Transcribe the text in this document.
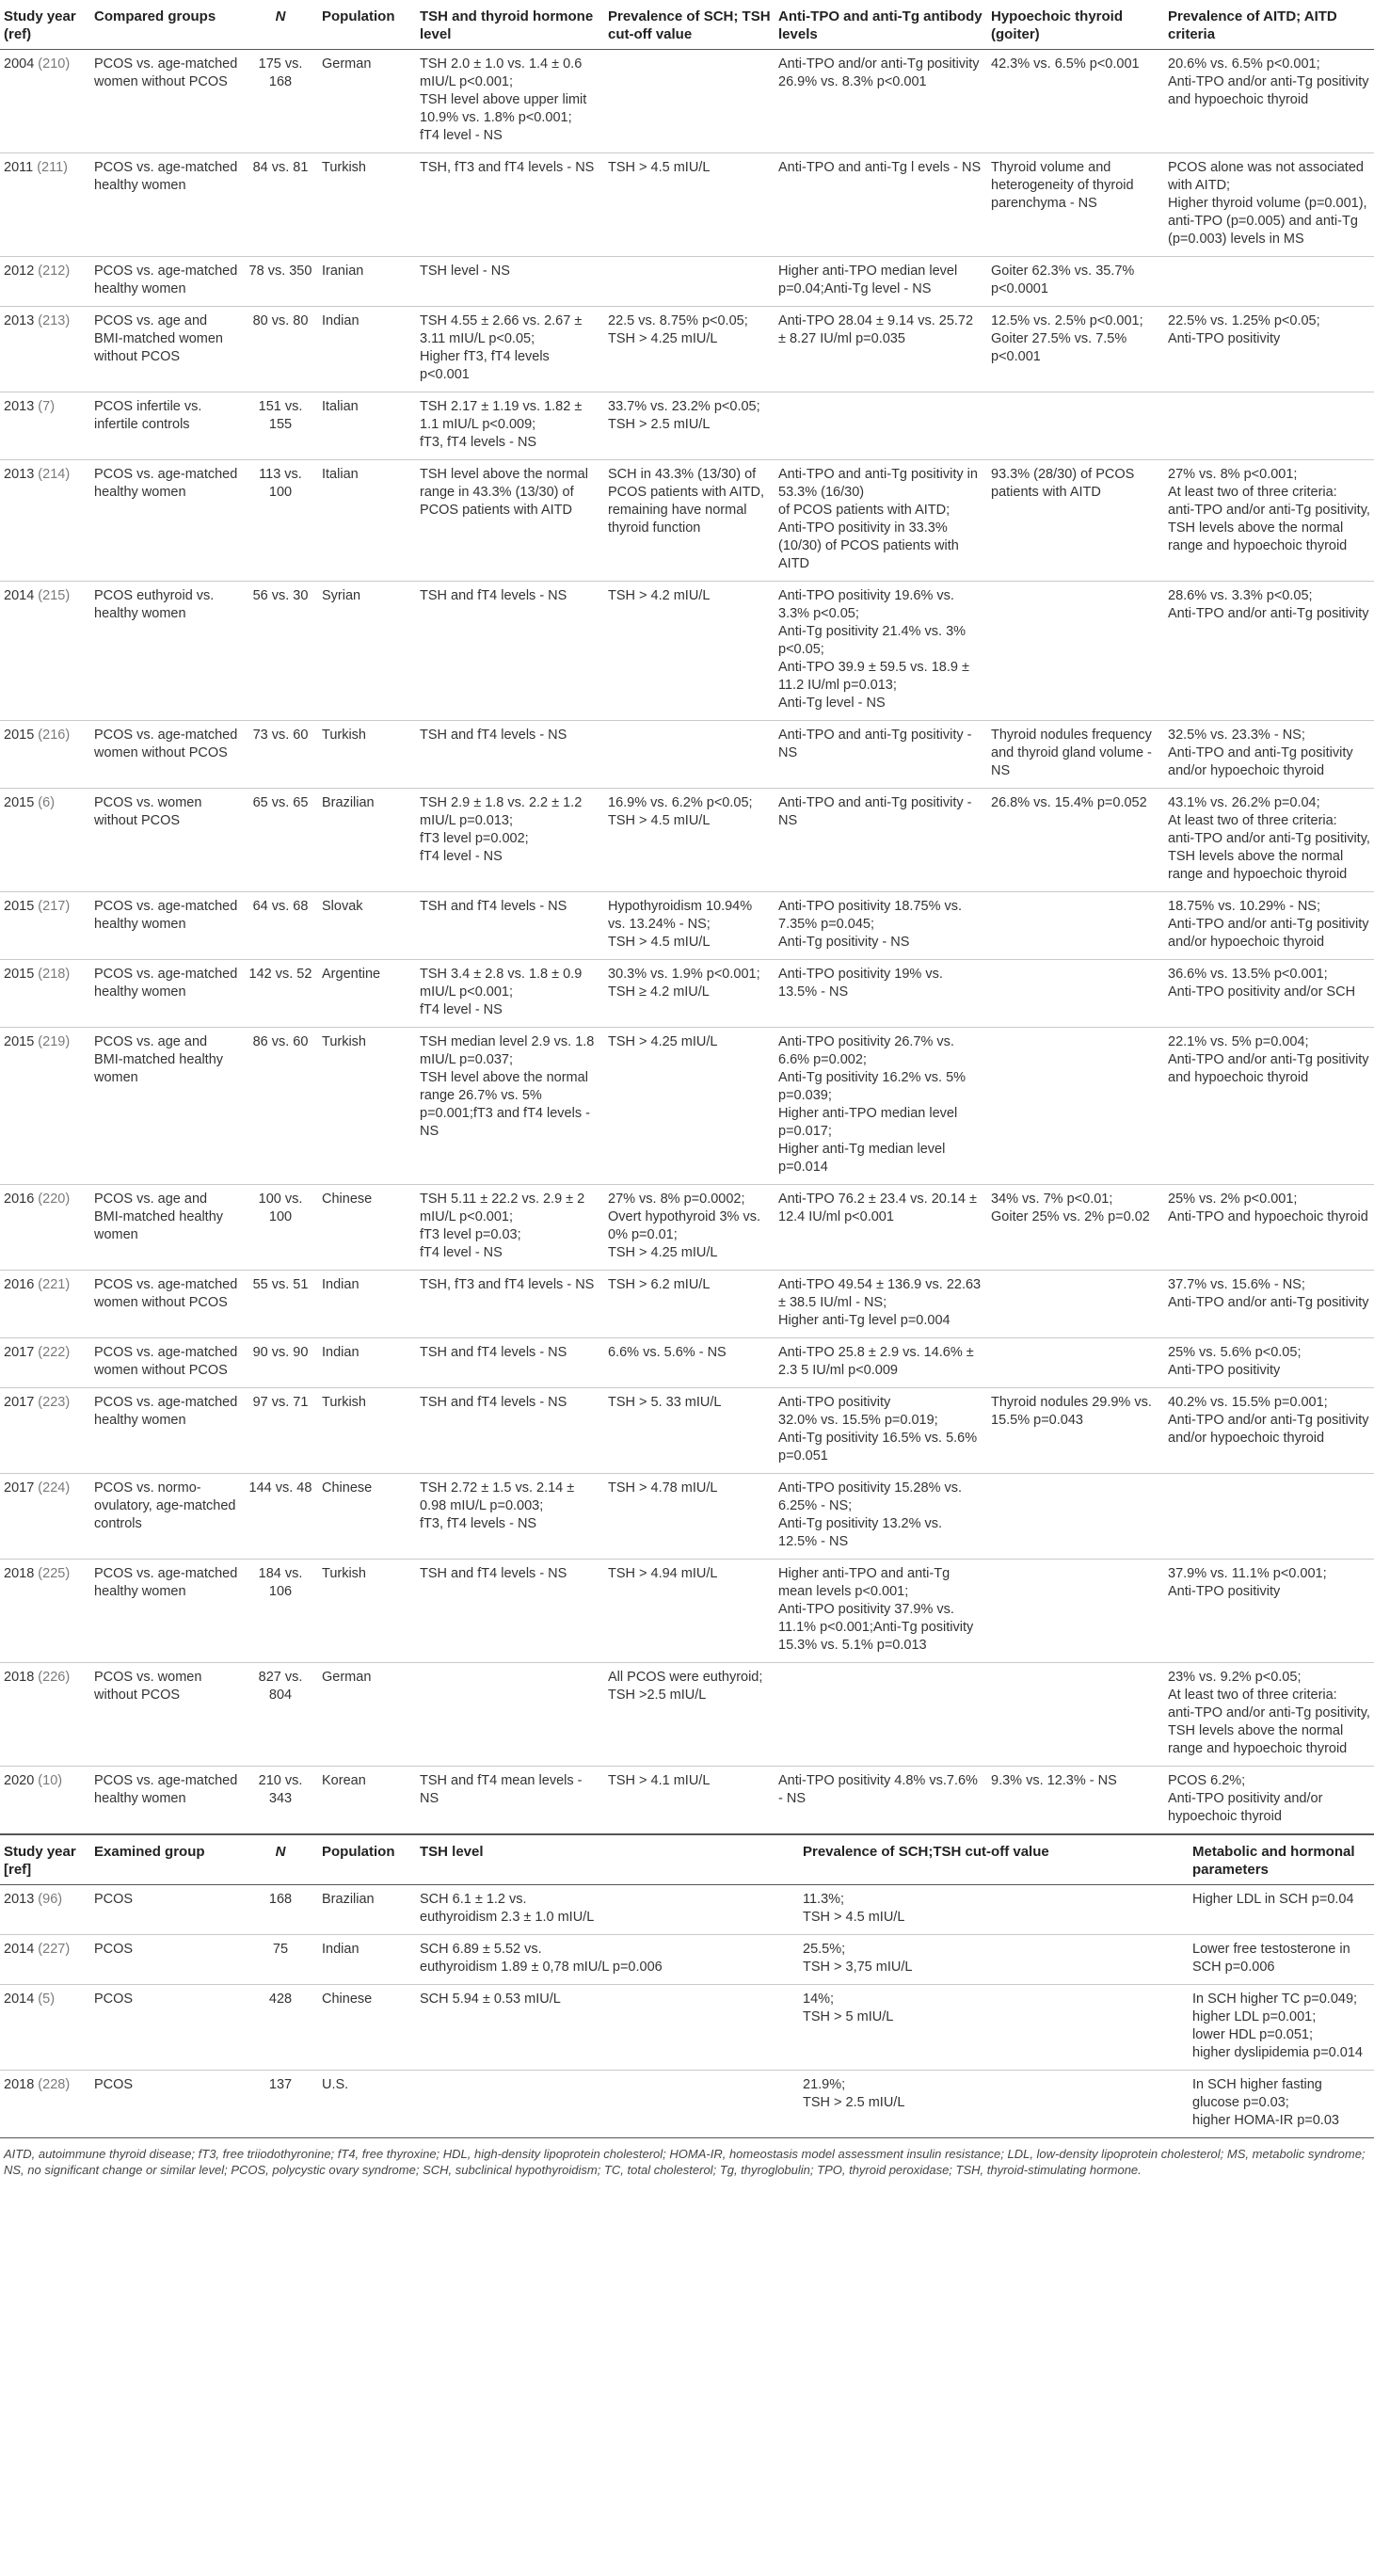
Study year (ref)	Compared groups	N	Population	TSH and thyroid hormone level	Prevalence of SCH; TSH cut-off value	Anti-TPO and anti-Tg antibody levels	Hypoechoic thyroid (goiter)	Prevalence of AITD; AITD criteria
2004 (210)	PCOS vs. age-matched women without PCOS	175 vs. 168	German	TSH 2.0 ± 1.0 vs. 1.4 ± 0.6 mIU/L p<0.001;
TSH level above upper limit 10.9% vs. 1.8% p<0.001;
fT4 level - NS		Anti-TPO and/or anti-Tg positivity 26.9% vs. 8.3% p<0.001	42.3% vs. 6.5% p<0.001	20.6% vs. 6.5% p<0.001;
Anti-TPO and/or anti-Tg positivity and hypoechoic thyroid
2011 (211)	PCOS vs. age-matched healthy women	84 vs. 81	Turkish	TSH, fT3 and fT4 levels - NS	TSH > 4.5 mIU/L	Anti-TPO and anti-Tg l evels - NS	Thyroid volume and heterogeneity of thyroid parenchyma - NS	PCOS alone was not associated with AITD;
Higher thyroid volume (p=0.001), anti-TPO (p=0.005) and anti-Tg (p=0.003) levels in MS
2012 (212)	PCOS vs. age-matched healthy women	78 vs. 350	Iranian	TSH level - NS		Higher anti-TPO median level p=0.04;Anti-Tg level - NS	Goiter 62.3% vs. 35.7% p<0.0001	
2013 (213)	PCOS vs. age and BMI-matched women without PCOS	80 vs. 80	Indian	TSH 4.55 ± 2.66 vs. 2.67 ± 3.11 mIU/L p<0.05;
Higher fT3, fT4 levels p<0.001	22.5 vs. 8.75% p<0.05;
TSH > 4.25 mIU/L	Anti-TPO 28.04 ± 9.14 vs. 25.72 ± 8.27 IU/ml p=0.035	12.5% vs. 2.5% p<0.001;
Goiter 27.5% vs. 7.5% p<0.001	22.5% vs. 1.25% p<0.05;
Anti-TPO positivity
2013 (7)	PCOS infertile vs. infertile controls	151 vs. 155	Italian	TSH 2.17 ± 1.19 vs. 1.82 ± 1.1 mIU/L p<0.009;
fT3, fT4 levels - NS	33.7% vs. 23.2% p<0.05;
TSH > 2.5 mIU/L			
2013 (214)	PCOS vs. age-matched healthy women	113 vs. 100	Italian	TSH level above the normal range in 43.3% (13/30) of PCOS patients with AITD	SCH in 43.3% (13/30) of PCOS patients with AITD, remaining have normal thyroid function	Anti-TPO and anti-Tg positivity in 53.3% (16/30)
of PCOS patients with AITD;
Anti-TPO positivity in 33.3% (10/30) of PCOS patients with AITD	93.3% (28/30) of PCOS patients with AITD	27% vs. 8% p<0.001;
At least two of three criteria:
anti-TPO and/or anti-Tg positivity,
TSH levels above the normal
range and hypoechoic thyroid
2014 (215)	PCOS euthyroid vs. healthy women	56 vs. 30	Syrian	TSH and fT4 levels - NS	TSH > 4.2 mIU/L	Anti-TPO positivity 19.6% vs. 3.3% p<0.05;
Anti-Tg positivity 21.4% vs. 3% p<0.05;
Anti-TPO 39.9 ± 59.5 vs. 18.9 ± 11.2 IU/ml p=0.013;
Anti-Tg level - NS		28.6% vs. 3.3% p<0.05;
Anti-TPO and/or anti-Tg positivity
2015 (216)	PCOS vs. age-matched women without PCOS	73 vs. 60	Turkish	TSH and fT4 levels - NS		Anti-TPO and anti-Tg positivity - NS	Thyroid nodules frequency and thyroid gland volume - NS	32.5% vs. 23.3% - NS;
Anti-TPO and anti-Tg positivity
and/or hypoechoic thyroid
2015 (6)	PCOS vs. women without PCOS	65 vs. 65	Brazilian	TSH 2.9 ± 1.8 vs. 2.2 ± 1.2 mIU/L p=0.013;
fT3 level p=0.002;
fT4 level - NS	16.9% vs. 6.2% p<0.05;
TSH > 4.5 mIU/L	Anti-TPO and anti-Tg positivity - NS	26.8% vs. 15.4% p=0.052	43.1% vs. 26.2% p=0.04;
At least two of three criteria:
anti-TPO and/or anti-Tg positivity,
TSH levels above the normal
range and hypoechoic thyroid
2015 (217)	PCOS vs. age-matched healthy women	64 vs. 68	Slovak	TSH and fT4 levels - NS	Hypothyroidism 10.94% vs. 13.24% - NS;
TSH > 4.5 mIU/L	Anti-TPO positivity 18.75% vs. 7.35% p=0.045;
Anti-Tg positivity - NS		18.75% vs. 10.29% - NS;
Anti-TPO and/or anti-Tg positivity
and/or hypoechoic thyroid
2015 (218)	PCOS vs. age-matched healthy women	142 vs. 52	Argentine	TSH 3.4 ± 2.8 vs. 1.8 ± 0.9 mIU/L p<0.001;
fT4 level - NS	30.3% vs. 1.9% p<0.001;
TSH ≥ 4.2 mIU/L	Anti-TPO positivity 19% vs. 13.5% - NS		36.6% vs. 13.5% p<0.001;
Anti-TPO positivity and/or SCH
2015 (219)	PCOS vs. age and BMI-matched healthy women	86 vs. 60	Turkish	TSH median level 2.9 vs. 1.8 mIU/L p=0.037;
TSH level above the normal range 26.7% vs. 5% p=0.001;fT3 and fT4 levels - NS	TSH > 4.25 mIU/L	Anti-TPO positivity 26.7% vs. 6.6% p=0.002;
Anti-Tg positivity 16.2% vs. 5% p=0.039;
Higher anti-TPO median level p=0.017;
Higher anti-Tg median level p=0.014		22.1% vs. 5% p=0.004;
Anti-TPO and/or anti-Tg positivity and hypoechoic thyroid
2016 (220)	PCOS vs. age and BMI-matched healthy women	100 vs. 100	Chinese	TSH 5.11 ± 22.2 vs. 2.9 ± 2 mIU/L p<0.001;
fT3 level p=0.03;
fT4 level - NS	27% vs. 8% p=0.0002;
Overt hypothyroid 3% vs. 0% p=0.01;
TSH > 4.25 mIU/L	Anti-TPO 76.2 ± 23.4 vs. 20.14 ± 12.4 IU/ml p<0.001	34% vs. 7% p<0.01;
Goiter 25% vs. 2% p=0.02	25% vs. 2% p<0.001;
Anti-TPO and hypoechoic thyroid
2016 (221)	PCOS vs. age-matched women without PCOS	55 vs. 51	Indian	TSH, fT3 and fT4 levels - NS	TSH > 6.2 mIU/L	Anti-TPO 49.54 ± 136.9 vs. 22.63 ± 38.5 IU/ml - NS;
Higher anti-Tg level p=0.004		37.7% vs. 15.6% - NS;
Anti-TPO and/or anti-Tg positivity
2017 (222)	PCOS vs. age-matched women without PCOS	90 vs. 90	Indian	TSH and fT4 levels - NS	6.6% vs. 5.6% - NS	Anti-TPO 25.8 ± 2.9 vs. 14.6% ± 2.3 5 IU/ml p<0.009		25% vs. 5.6% p<0.05;
Anti-TPO positivity
2017 (223)	PCOS vs. age-matched healthy women	97 vs. 71	Turkish	TSH and fT4 levels - NS	TSH > 5. 33 mIU/L	Anti-TPO positivity
32.0% vs. 15.5% p=0.019;
Anti-Tg positivity 16.5% vs. 5.6% p=0.051	Thyroid nodules 29.9% vs. 15.5% p=0.043	40.2% vs. 15.5% p=0.001;
Anti-TPO and/or anti-Tg positivity
and/or hypoechoic thyroid
2017 (224)	PCOS vs. normo-ovulatory, age-matched controls	144 vs. 48	Chinese	TSH 2.72 ± 1.5 vs. 2.14 ± 0.98 mIU/L p=0.003;
fT3, fT4 levels - NS	TSH > 4.78 mIU/L	Anti-TPO positivity 15.28% vs. 6.25% - NS;
Anti-Tg positivity 13.2% vs. 12.5% - NS		
2018 (225)	PCOS vs. age-matched healthy women	184 vs. 106	Turkish	TSH and fT4 levels - NS	TSH > 4.94 mIU/L	Higher anti-TPO and anti-Tg mean levels p<0.001;
Anti-TPO positivity 37.9% vs. 11.1% p<0.001;Anti-Tg positivity 15.3% vs. 5.1% p=0.013		37.9% vs. 11.1% p<0.001;
Anti-TPO positivity
2018 (226)	PCOS vs. women without PCOS	827 vs. 804	German		All PCOS were euthyroid;
TSH >2.5 mIU/L			23% vs. 9.2% p<0.05;
At least two of three criteria:
anti-TPO and/or anti-Tg positivity,
TSH levels above the normal
range and hypoechoic thyroid
2020 (10)	PCOS vs. age-matched healthy women	210 vs. 343	Korean	TSH and fT4 mean levels - NS	TSH > 4.1 mIU/L	Anti-TPO positivity 4.8% vs.7.6% - NS	9.3% vs. 12.3% - NS	PCOS 6.2%;
Anti-TPO positivity and/or hypoechoic thyroid
Study year [ref]	Examined group	N	Population	TSH level	Prevalence of SCH;TSH cut-off value	Metabolic and hormonal parameters
2013 (96)	PCOS	168	Brazilian	SCH 6.1 ± 1.2 vs.
euthyroidism 2.3 ± 1.0 mIU/L	11.3%;
TSH > 4.5 mIU/L	Higher LDL in SCH p=0.04
2014 (227)	PCOS	75	Indian	SCH 6.89 ± 5.52 vs.
euthyroidism 1.89 ± 0,78 mIU/L p=0.006	25.5%;
TSH > 3,75 mIU/L	Lower free testosterone in SCH p=0.006
2014 (5)	PCOS	428	Chinese	SCH 5.94 ± 0.53 mIU/L	14%;
TSH > 5 mIU/L	In SCH higher TC p=0.049;
higher LDL p=0.001;
lower HDL p=0.051;
higher dyslipidemia p=0.014
2018 (228)	PCOS	137	U.S.		21.9%;
TSH > 2.5 mIU/L	In SCH higher fasting glucose p=0.03;
higher HOMA-IR p=0.03
AITD, autoimmune thyroid disease; fT3, free triiodothyronine; fT4, free thyroxine; HDL, high-density lipoprotein cholesterol; HOMA-IR, homeostasis model assessment insulin resistance; LDL, low-density lipoprotein cholesterol; MS, metabolic syndrome; NS, no significant change or similar level; PCOS, polycystic ovary syndrome; SCH, subclinical hypothyroidism; TC, total cholesterol; Tg, thyroglobulin; TPO, thyroid peroxidase; TSH, thyroid-stimulating hormone.
